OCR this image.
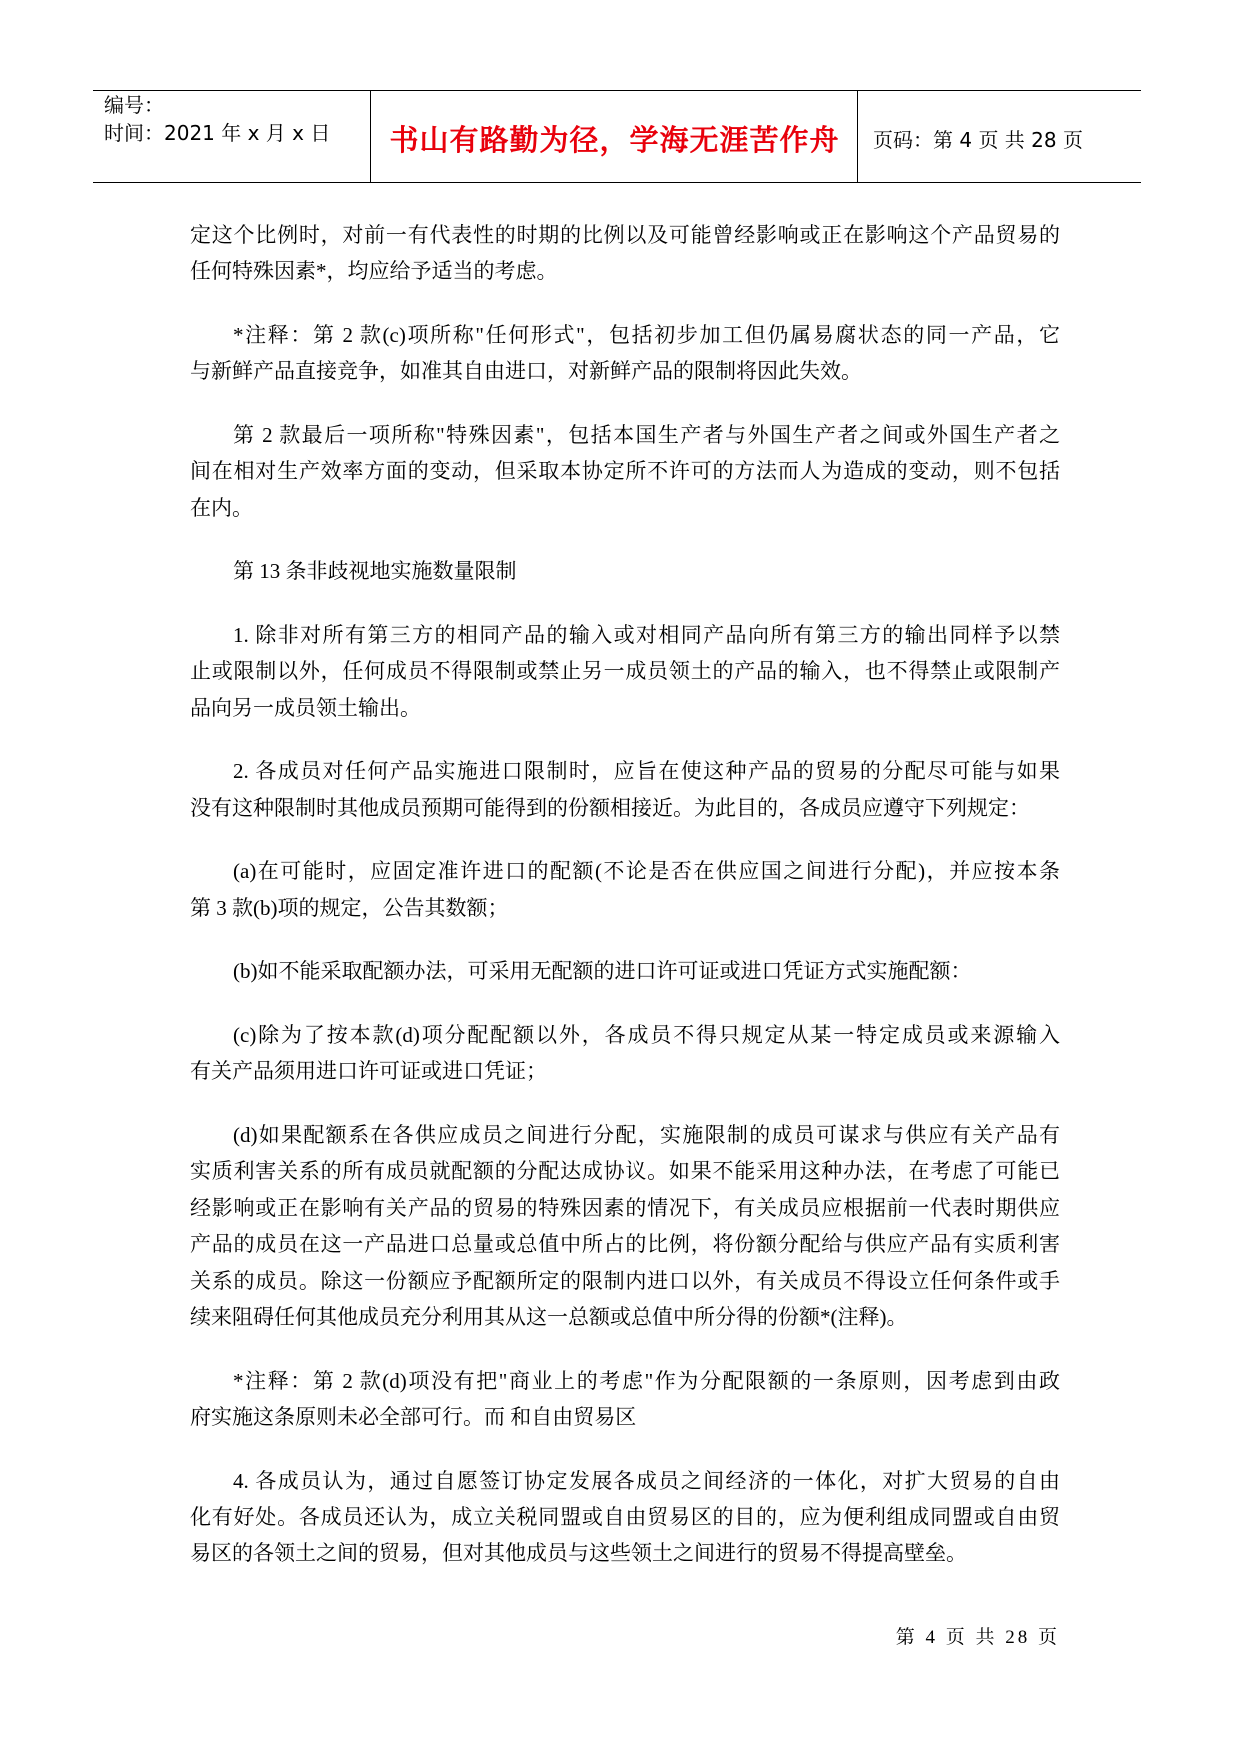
编号：
时间：2021 年 x 月 x 日 书山有路勤为径，学海无涯苦作舟 页码：第 4 页 共 28 页
定这个比例时，对前一有代表性的时期的比例以及可能曾经影响或正在影响这个产品贸易的
任何特殊因素*，均应给予适当的考虑。
*注释：第 2 款(c)项所称"任何形式"，包括初步加工但仍属易腐状态的同一产品，它
与新鲜产品直接竞争，如准其自由进口，对新鲜产品的限制将因此失效。
第 2 款最后一项所称"特殊因素"，包括本国生产者与外国生产者之间或外国生产者之
间在相对生产效率方面的变动，但采取本协定所不许可的方法而人为造成的变动，则不包括
在内。
第 13 条非歧视地实施数量限制
1. 除非对所有第三方的相同产品的输入或对相同产品向所有第三方的输出同样予以禁
止或限制以外，任何成员不得限制或禁止另一成员领土的产品的输入，也不得禁止或限制产
品向另一成员领土输出。
2. 各成员对任何产品实施进口限制时，应旨在使这种产品的贸易的分配尽可能与如果
没有这种限制时其他成员预期可能得到的份额相接近。为此目的，各成员应遵守下列规定：
(a)在可能时，应固定准许进口的配额(不论是否在供应国之间进行分配)，并应按本条
第 3 款(b)项的规定，公告其数额；
(b)如不能采取配额办法，可采用无配额的进口许可证或进口凭证方式实施配额：
(c)除为了按本款(d)项分配配额以外，各成员不得只规定从某一特定成员或来源输入
有关产品须用进口许可证或进口凭证；
(d)如果配额系在各供应成员之间进行分配，实施限制的成员可谋求与供应有关产品有
实质利害关系的所有成员就配额的分配达成协议。如果不能采用这种办法，在考虑了可能已
经影响或正在影响有关产品的贸易的特殊因素的情况下，有关成员应根据前一代表时期供应
产品的成员在这一产品进口总量或总值中所占的比例，将份额分配给与供应产品有实质利害
关系的成员。除这一份额应予配额所定的限制内进口以外，有关成员不得设立任何条件或手
续来阻碍任何其他成员充分利用其从这一总额或总值中所分得的份额*(注释)。
*注释：第 2 款(d)项没有把"商业上的考虑"作为分配限额的一条原则，因考虑到由政
府实施这条原则未必全部可行。而 和自由贸易区
4. 各成员认为，通过自愿签订协定发展各成员之间经济的一体化，对扩大贸易的自由
化有好处。各成员还认为，成立关税同盟或自由贸易区的目的，应为便利组成同盟或自由贸
易区的各领土之间的贸易，但对其他成员与这些领土之间进行的贸易不得提高壁垒。
第 4 页 共 28 页
